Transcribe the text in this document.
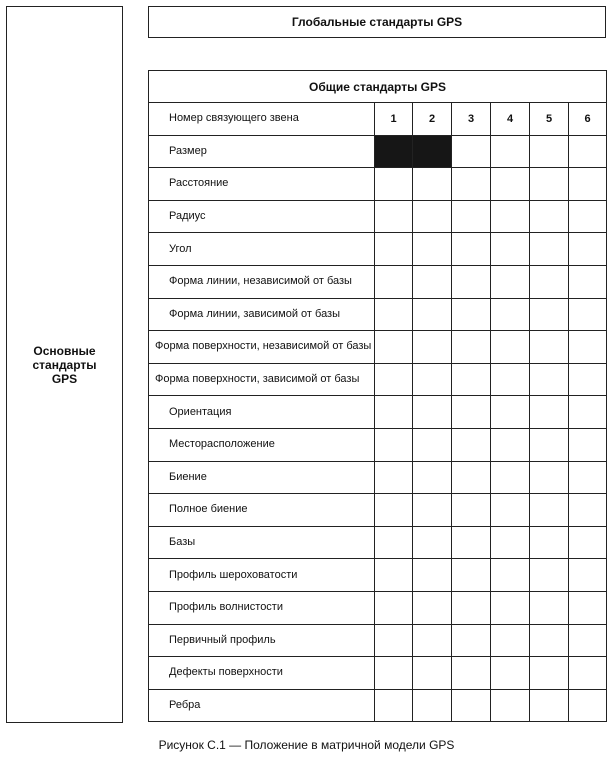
Основные
стандарты
GPS
Глобальные стандарты GPS
Общие стандарты GPS						
Номер связующего звена	1	2	3	4	5	6
Размер						
Расстояние						
Радиус						
Угол						
Форма линии, независимой от базы						
Форма линии, зависимой от базы						
Форма поверхности, независимой от базы						
Форма поверхности, зависимой от базы						
Ориентация						
Месторасположение						
Биение						
Полное биение						
Базы						
Профиль шероховатости						
Профиль волнистости						
Первичный профиль						
Дефекты поверхности						
Ребра						
Рисунок С.1 — Положение в матричной модели GPS
